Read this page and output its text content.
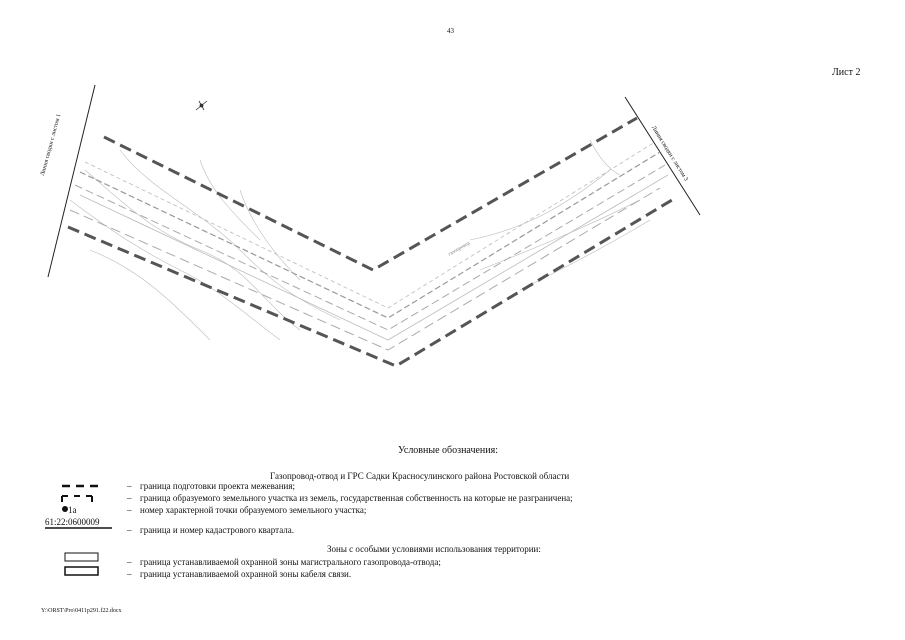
43
Лист 2
Линия сводки с листом 1	Линия сводки с листом 3
газопровод
Условные обозначения:
Газопровод-отвод и ГРС Садки Красносулинского района Ростовской области
1а
61:22:0600009
– граница подготовки проекта межевания;
– граница образуемого земельного участка из земель, государственная собственность на которые не разграничена;
– номер характерной точки образуемого земельного участка;
– граница и номер кадастрового квартала.
Зоны с особыми условиями использования территории:
– граница устанавливаемой охранной зоны магистрального газопровода-отвода;
– граница устанавливаемой охранной зоны кабеля связи.
Y:\ORST\Pro\0411p291.f22.docx
